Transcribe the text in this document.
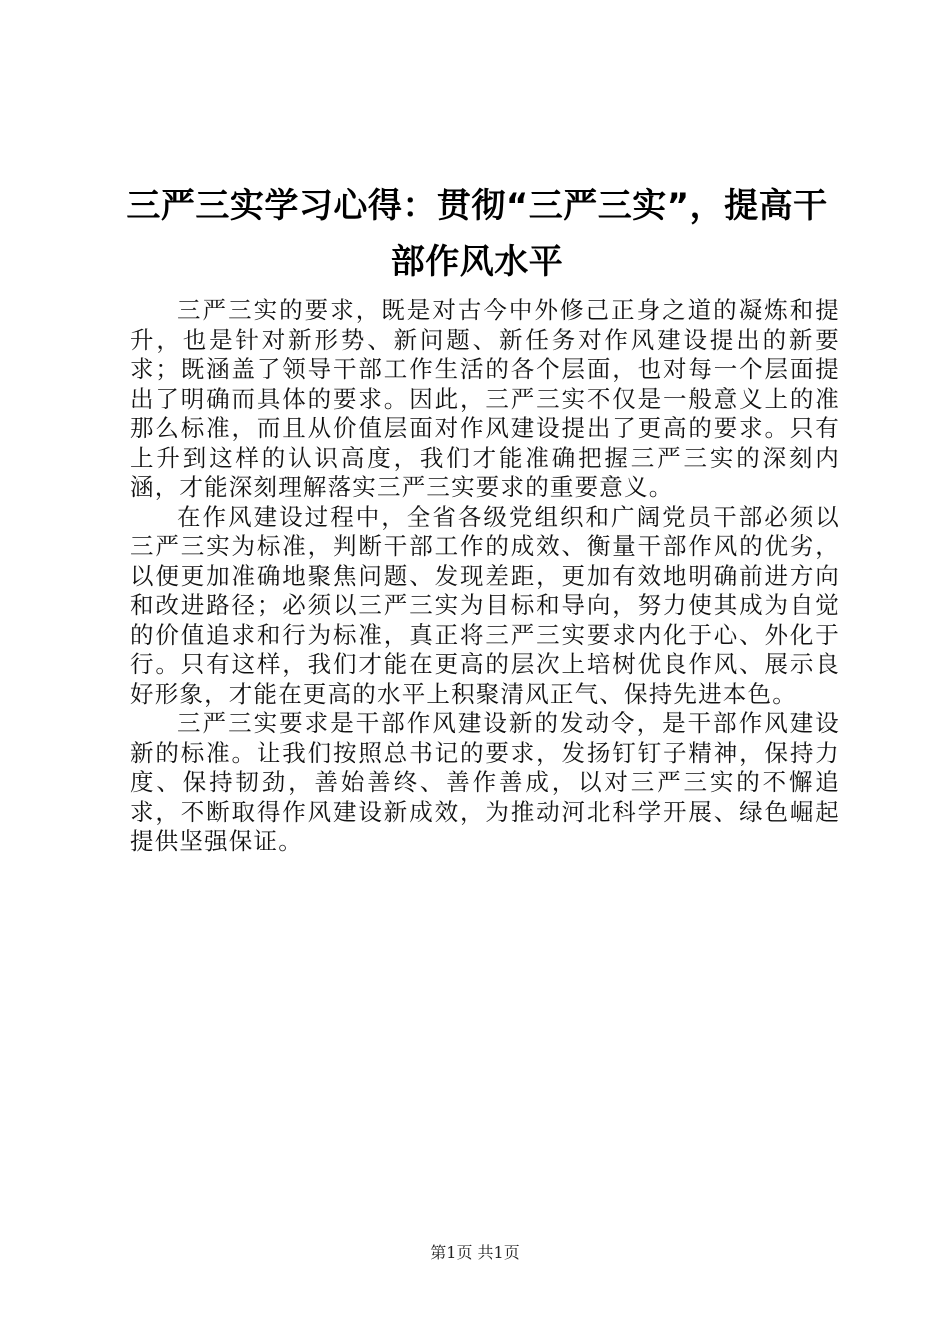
三严三实学习心得：贯彻“三严三实”，提高干部作风水平

三严三实的要求，既是对古今中外修己正身之道的凝炼和提升，也是针对新形势、新问题、新任务对作风建设提出的新要求；既涵盖了领导干部工作生活的各个层面，也对每一个层面提出了明确而具体的要求。因此，三严三实不仅是一般意义上的准那么标准，而且从价值层面对作风建设提出了更高的要求。只有上升到这样的认识高度，我们才能准确把握三严三实的深刻内涵，才能深刻理解落实三严三实要求的重要意义。

在作风建设过程中，全省各级党组织和广阔党员干部必须以三严三实为标准，判断干部工作的成效、衡量干部作风的优劣，以便更加准确地聚焦问题、发现差距，更加有效地明确前进方向和改进路径；必须以三严三实为目标和导向，努力使其成为自觉的价值追求和行为标准，真正将三严三实要求内化于心、外化于行。只有这样，我们才能在更高的层次上培树优良作风、展示良好形象，才能在更高的水平上积聚清风正气、保持先进本色。

三严三实要求是干部作风建设新的发动令，是干部作风建设新的标准。让我们按照总书记的要求，发扬钉钉子精神，保持力度、保持韧劲，善始善终、善作善成，以对三严三实的不懈追求，不断取得作风建设新成效，为推动河北科学开展、绿色崛起提供坚强保证。

第1页 共1页
